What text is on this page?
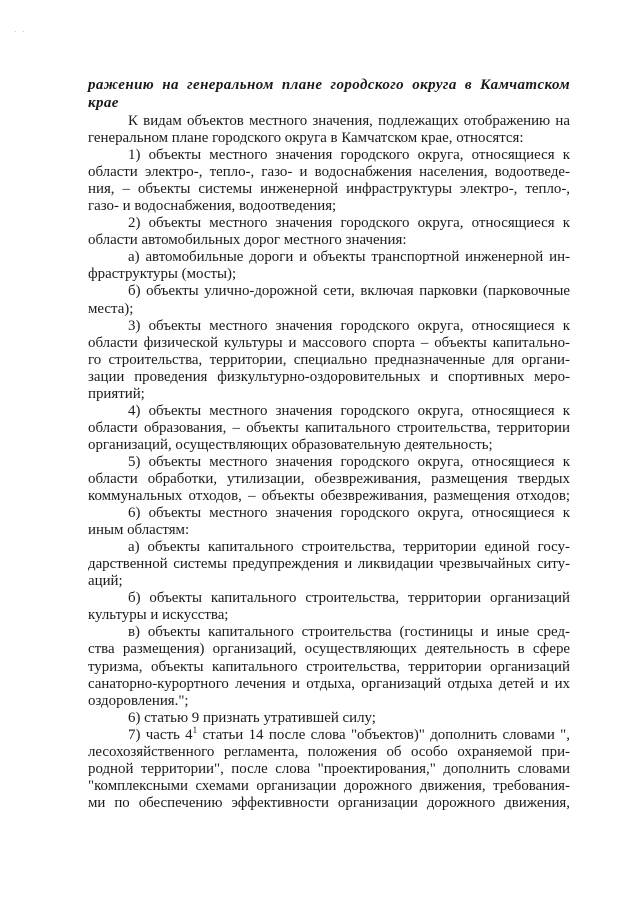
· ·
ражению на генеральном плане городского округа в Камчатском
крае
К видам объектов местного значения, подлежащих отображению на
генеральном плане городского округа в Камчатском крае, относятся:
1) объекты местного значения городского округа, относящиеся к
области электро-, тепло-, газо- и водоснабжения населения, водоотведе-
ния, – объекты системы инженерной инфраструктуры электро-, тепло-,
газо- и водоснабжения, водоотведения;
2) объекты местного значения городского округа, относящиеся к
области автомобильных дорог местного значения:
а) автомобильные дороги и объекты транспортной инженерной ин-
фраструктуры (мосты);
б) объекты улично-дорожной сети, включая парковки (парковочные
места);
3) объекты местного значения городского округа, относящиеся к
области физической культуры и массового спорта – объекты капитально-
го строительства, территории, специально предназначенные для органи-
зации проведения физкультурно-оздоровительных и спортивных меро-
приятий;
4) объекты местного значения городского округа, относящиеся к
области образования, – объекты капитального строительства, территории
организаций, осуществляющих образовательную деятельность;
5) объекты местного значения городского округа, относящиеся к
области обработки, утилизации, обезвреживания, размещения твердых
коммунальных отходов, – объекты обезвреживания, размещения отходов;
6) объекты местного значения городского округа, относящиеся к
иным областям:
а) объекты капитального строительства, территории единой госу-
дарственной системы предупреждения и ликвидации чрезвычайных ситу-
аций;
б) объекты капитального строительства, территории организаций
культуры и искусства;
в) объекты капитального строительства (гостиницы и иные сред-
ства размещения) организаций, осуществляющих деятельность в сфере
туризма, объекты капитального строительства, территории организаций
санаторно-курортного лечения и отдыха, организаций отдыха детей и их
оздоровления.";
6) статью 9 признать утратившей силу;
7) часть $4^1$ статьи 14 после слова "объектов)" дополнить словами ",
лесохозяйственного регламента, положения об особо охраняемой при-
родной территории", после слова "проектирования," дополнить словами
"комплексными схемами организации дорожного движения, требования-
ми по обеспечению эффективности организации дорожного движения,
